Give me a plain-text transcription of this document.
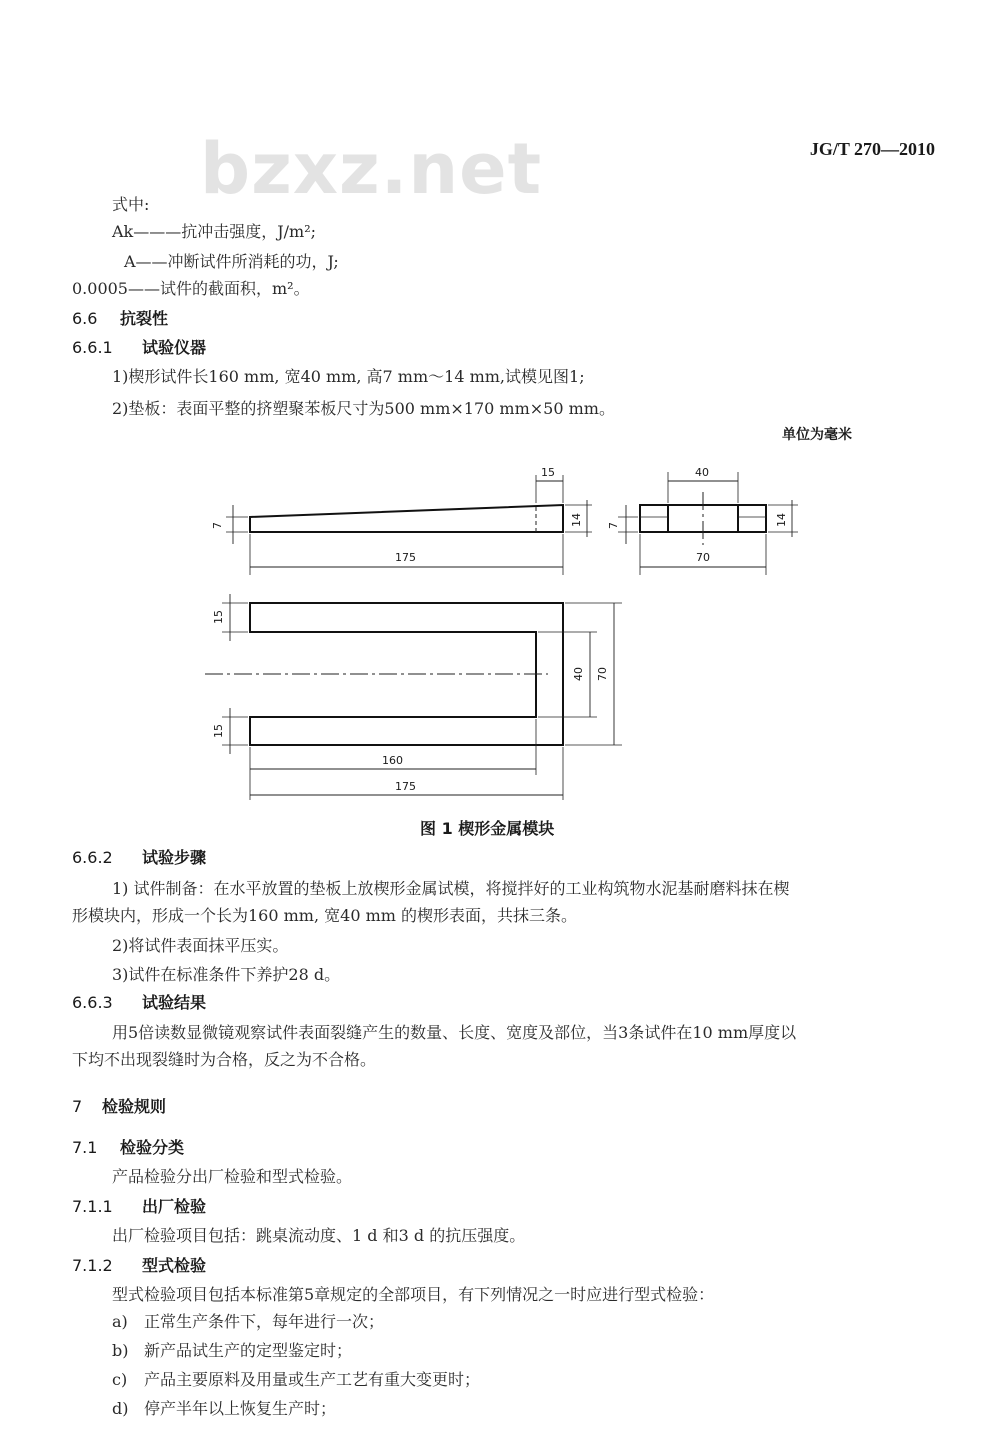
bzxz.net	JG/T 270—2010
式中:
Ak———抗冲击强度，J/m²;
A——冲断试件所消耗的功，J;
0.0005——试件的截面积，m²。
6.6 抗裂性
6.6.1 试验仪器
1)楔形试件长160 mm, 宽40 mm, 高7 mm～14 mm,试模见图1;
2)垫板：表面平整的挤塑聚苯板尺寸为500 mm×170 mm×50 mm。
单位为毫米
15
7	14
175
40
7	14
70
15
15
40 70
160
175
图 1 楔形金属模块
6.6.2 试验步骤
1) 试件制备：在水平放置的垫板上放楔形金属试模，将搅拌好的工业构筑物水泥基耐磨料抹在楔
形模块内，形成一个长为160 mm, 宽40 mm 的楔形表面，共抹三条。
2)将试件表面抹平压实。
3)试件在标准条件下养护28 d。
6.6.3 试验结果
用5倍读数显微镜观察试件表面裂缝产生的数量、长度、宽度及部位，当3条试件在10 mm厚度以
下均不出现裂缝时为合格，反之为不合格。
7 检验规则
7.1 检验分类
产品检验分出厂检验和型式检验。
7.1.1 出厂检验
出厂检验项目包括：跳桌流动度、1 d 和3 d 的抗压强度。
7.1.2 型式检验
型式检验项目包括本标准第5章规定的全部项目，有下列情况之一时应进行型式检验：
a) 正常生产条件下，每年进行一次；
b) 新产品试生产的定型鉴定时；
c) 产品主要原料及用量或生产工艺有重大变更时；
d) 停产半年以上恢复生产时；
